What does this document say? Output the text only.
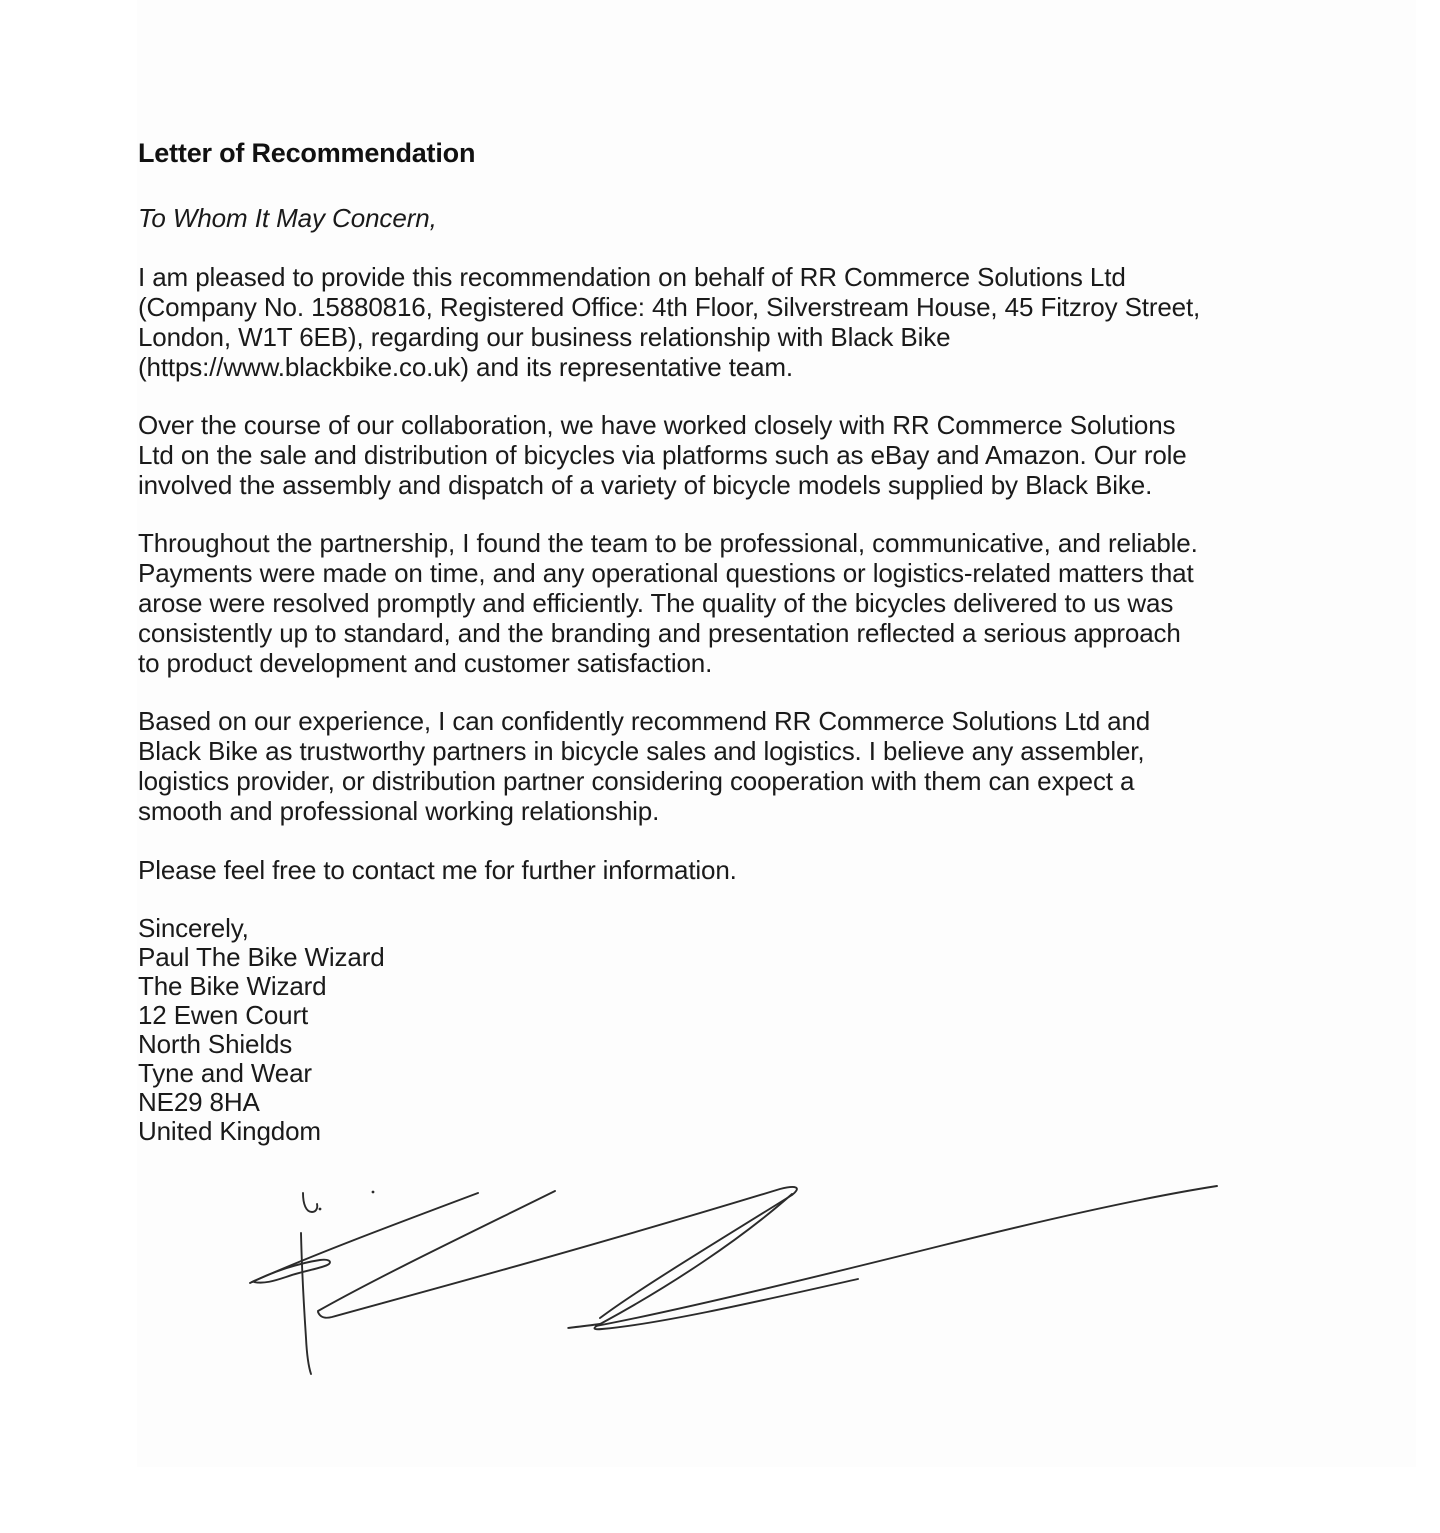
Letter of Recommendation

To Whom It May Concern,

I am pleased to provide this recommendation on behalf of RR Commerce Solutions Ltd (Company No. 15880816, Registered Office: 4th Floor, Silverstream House, 45 Fitzroy Street, London, W1T 6EB), regarding our business relationship with Black Bike (https://www.blackbike.co.uk) and its representative team.

Over the course of our collaboration, we have worked closely with RR Commerce Solutions Ltd on the sale and distribution of bicycles via platforms such as eBay and Amazon. Our role involved the assembly and dispatch of a variety of bicycle models supplied by Black Bike.

Throughout the partnership, I found the team to be professional, communicative, and reliable. Payments were made on time, and any operational questions or logistics-related matters that arose were resolved promptly and efficiently. The quality of the bicycles delivered to us was consistently up to standard, and the branding and presentation reflected a serious approach to product development and customer satisfaction.

Based on our experience, I can confidently recommend RR Commerce Solutions Ltd and Black Bike as trustworthy partners in bicycle sales and logistics. I believe any assembler, logistics provider, or distribution partner considering cooperation with them can expect a smooth and professional working relationship.

Please feel free to contact me for further information.

Sincerely,
Paul The Bike Wizard
The Bike Wizard
12 Ewen Court
North Shields
Tyne and Wear
NE29 8HA
United Kingdom
